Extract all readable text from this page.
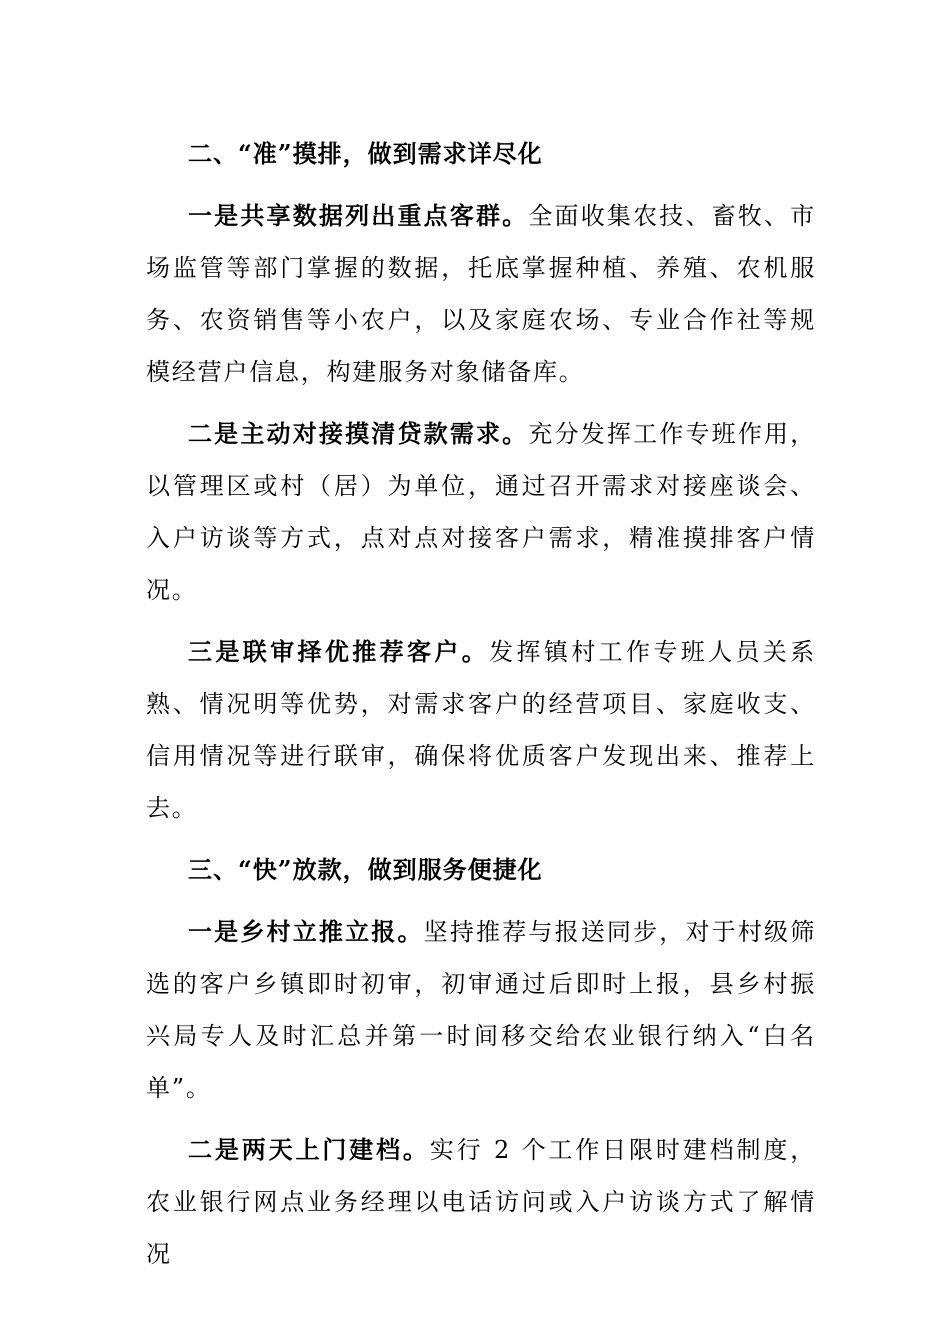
二、“准”摸排，做到需求详尽化

一是共享数据列出重点客群。全面收集农技、畜牧、市场监管等部门掌握的数据，托底掌握种植、养殖、农机服务、农资销售等小农户，以及家庭农场、专业合作社等规模经营户信息，构建服务对象储备库。

二是主动对接摸清贷款需求。充分发挥工作专班作用，以管理区或村（居）为单位，通过召开需求对接座谈会、入户访谈等方式，点对点对接客户需求，精准摸排客户情况。

三是联审择优推荐客户。发挥镇村工作专班人员关系熟、情况明等优势，对需求客户的经营项目、家庭收支、信用情况等进行联审，确保将优质客户发现出来、推荐上去。

三、“快”放款，做到服务便捷化

一是乡村立推立报。坚持推荐与报送同步，对于村级筛选的客户乡镇即时初审，初审通过后即时上报，县乡村振兴局专人及时汇总并第一时间移交给农业银行纳入“白名单”。

二是两天上门建档。实行 2 个工作日限时建档制度，农业银行网点业务经理以电话访问或入户访谈方式了解情况
